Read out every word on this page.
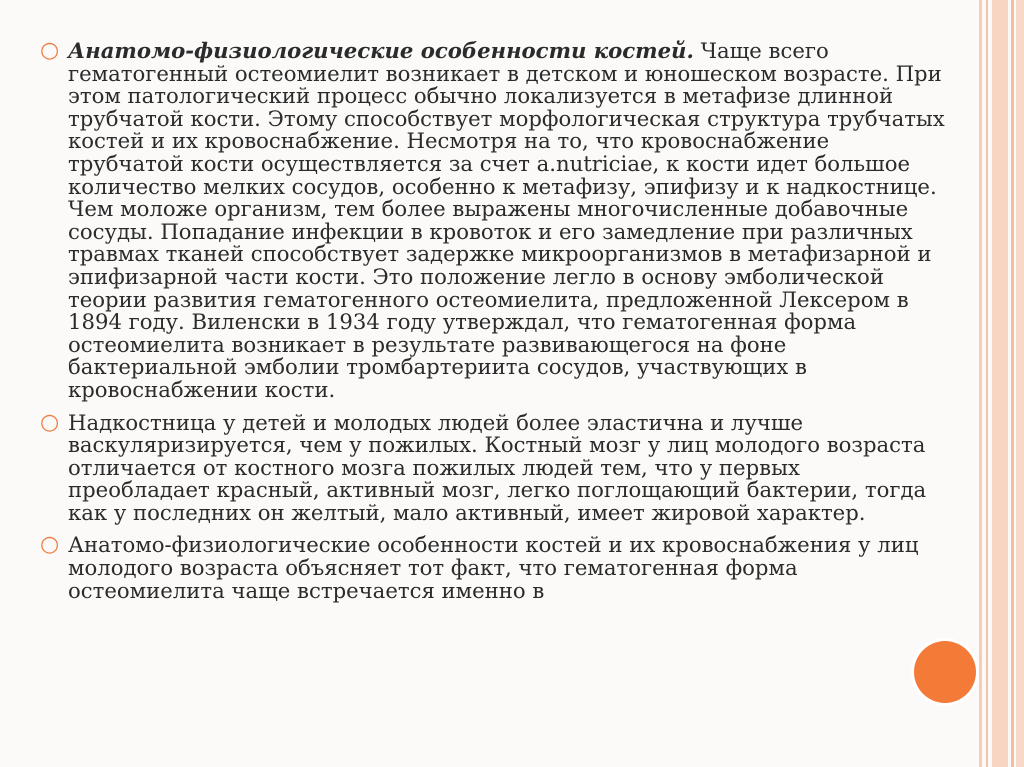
○ Анатомо-физиологические особенности костей. Чаще всего гематогенный остеомиелит возникает в детском и юношеском возрасте. При этом патологический процесс обычно локализуется в метафизе длинной трубчатой кости. Этому способствует морфологическая структура трубчатых костей и их кровоснабжение. Несмотря на то, что кровоснабжение трубчатой кости осуществляется за счет a.nutriciae, к кости идет большое количество мелких сосудов, особенно к метафизу, эпифизу и к надкостнице. Чем моложе организм, тем более выражены многочисленные добавочные сосуды. Попадание инфекции в кровоток и его замедление при различных травмах тканей способствует задержке микроорганизмов в метафизарной и эпифизарной части кости. Это положение легло в основу эмболической теории развития гематогенного остеомиелита, предложенной Лексером в 1894 году. Виленски в 1934 году утверждал, что гематогенная форма остеомиелита возникает в результате развивающегося на фоне бактериальной эмболии тромбартериита сосудов, участвующих в кровоснабжении кости.
○ Надкостница у детей и молодых людей более эластична и лучше васкуляризируется, чем у пожилых. Костный мозг у лиц молодого возраста отличается от костного мозга пожилых людей тем, что у первых преобладает красный, активный мозг, легко поглощающий бактерии, тогда как у последних он желтый, мало активный, имеет жировой характер.
○ Анатомо-физиологические особенности костей и их кровоснабжения у лиц молодого возраста объясняет тот факт, что гематогенная форма остеомиелита чаще встречается именно в
